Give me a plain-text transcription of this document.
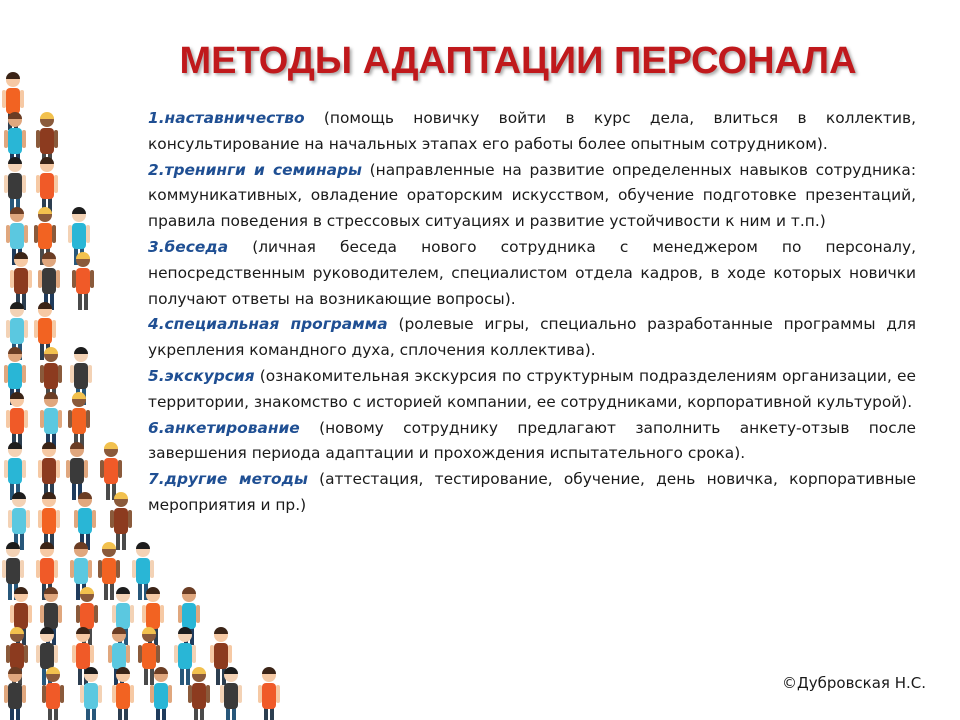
МЕТОДЫ АДАПТАЦИИ ПЕРСОНАЛА

1.наставничество (помощь новичку войти в курс дела, влиться в коллектив, консультирование на начальных этапах его работы более опытным сотрудником).

2.тренинги и семинары (направленные на развитие определенных навыков сотрудника: коммуникативных, овладение ораторским искусством, обучение подготовке презентаций, правила поведения в стрессовых ситуациях и развитие устойчивости к ним и т.п.)

3.беседа (личная беседа нового сотрудника с менеджером по персоналу, непосредственным руководителем, специалистом отдела кадров, в ходе которых новички получают ответы на возникающие вопросы).

4.специальная программа (ролевые игры, специально разработанные программы для укрепления командного духа, сплочения коллектива).

5.экскурсия (ознакомительная экскурсия по структурным подразделениям организации, ее территории, знакомство с историей компании, ее сотрудниками, корпоративной культурой).

6.анкетирование (новому сотруднику предлагают заполнить анкету-отзыв после завершения периода адаптации и прохождения испытательного срока).

7.другие методы (аттестация, тестирование, обучение, день новичка, корпоративные мероприятия и пр.)

©Дубровская Н.С.
